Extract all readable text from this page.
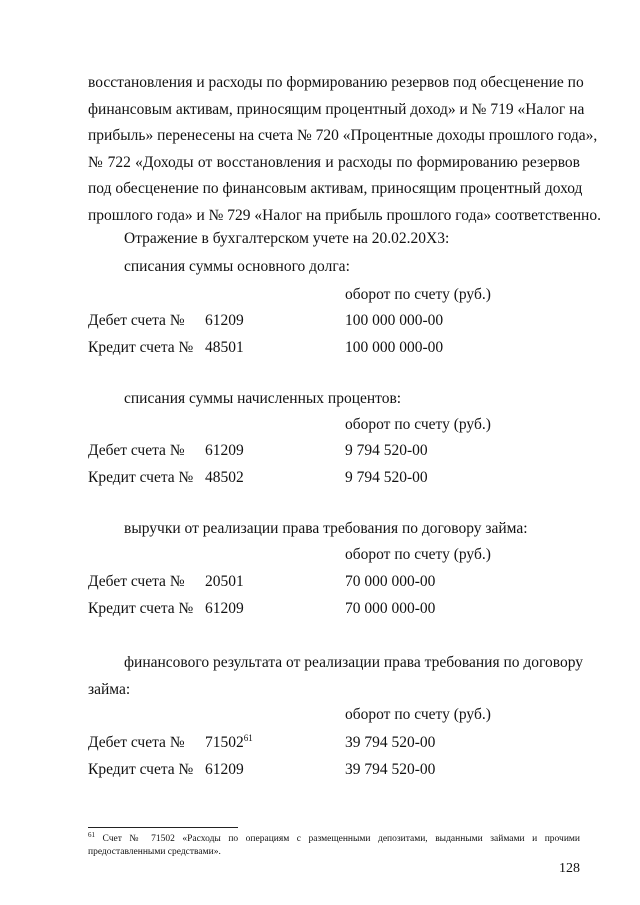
восстановления и расходы по формированию резервов под обесценение по
финансовым активам, приносящим процентный доход» и № 719 «Налог на
прибыль» перенесены на счета № 720 «Процентные доходы прошлого года»,
№ 722 «Доходы от восстановления и расходы по формированию резервов
под обесценение по финансовым активам, приносящим процентный доход
прошлого года» и № 729 «Налог на прибыль прошлого года» соответственно.
Отражение в бухгалтерском учете на 20.02.20Х3:
списания суммы основного долга:
оборот по счету (руб.)
Дебет счета № 61209	100 000 000-00
Кредит счета № 48501	100 000 000-00
списания суммы начисленных процентов:
оборот по счету (руб.)
Дебет счета № 61209	9 794 520-00
Кредит счета № 48502	9 794 520-00
выручки от реализации права требования по договору займа:
оборот по счету (руб.)
Дебет счета № 20501	70 000 000-00
Кредит счета № 61209	70 000 000-00
финансового результата от реализации права требования по договору
займа:
оборот по счету (руб.)
Дебет счета № 71502$^{61}$	39 794 520-00
Кредит счета № 61209	39 794 520-00
$^{61}$ Счет № 71502 «Расходы по операциям с размещенными депозитами, выданными займами и прочими
предоставленными средствами».
128
